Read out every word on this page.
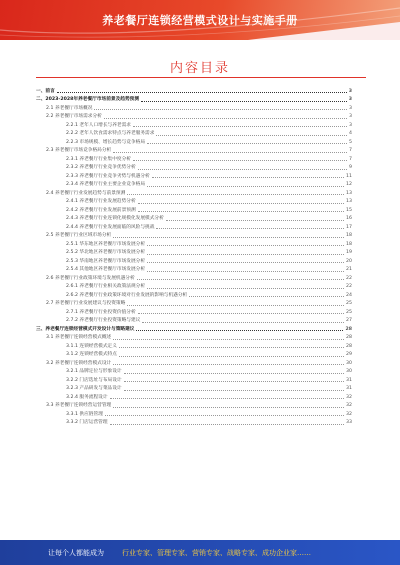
养老餐厅连锁经营模式设计与实施手册
内容目录
一、前言	3
二、2023-2028年养老餐厅市场前景及趋势预测	3
2.1 养老餐厅市场概况	3
2.2 养老餐厅市场需求分析	3
2.2.1 老年人口增长与养老需求	3
2.2.2 老年人饮食需求特点与养老服务需求	4
2.2.3 市场规模、增长趋势与竞争格局	5
2.3 养老餐厅市场竞争格局分析	7
2.3.1 养老餐厅行业集中度分析	7
2.3.2 养老餐厅行业竞争优势分析	9
2.3.3 养老餐厅行业竞争劣势与机遇分析	11
2.3.4 养老餐厅行业主要企业竞争格局	12
2.4 养老餐厅行业发展趋势与前景预测	13
2.4.1 养老餐厅行业发展趋势分析	13
2.4.2 养老餐厅行业发展前景预测	15
2.4.3 养老餐厅行业连锁化规模化发展模式分析	16
2.4.4 养老餐厅行业发展面临的风险与挑战	17
2.5 养老餐厅行业区域市场分析	18
2.5.1 华东地区养老餐厅市场发展分析	18
2.5.2 华北地区养老餐厅市场发展分析	19
2.5.3 华南地区养老餐厅市场发展分析	20
2.5.4 其他地区养老餐厅市场发展分析	21
2.6 养老餐厅行业政策环境与发展机遇分析	22
2.6.1 养老餐厅行业相关政策法规分析	22
2.6.2 养老餐厅行业政策环境对行业发展的影响与机遇分析	24
2.7 养老餐厅行业发展建议与投资策略	25
2.7.1 养老餐厅行业投资价值分析	25
2.7.2 养老餐厅行业投资策略与建议	27
三、养老餐厅连锁经营模式开发设计与策略建议	28
3.1 养老餐厅连锁经营模式概述	28
3.1.1 连锁经营模式定义	28
3.1.2 连锁经营模式特点	29
3.2 养老餐厅连锁经营模式设计	30
3.2.1 品牌定位与形象设计	30
3.2.2 门店选址与布局设计	31
3.2.3 产品研发与菜品设计	31
3.2.4 服务流程设计	32
3.3 养老餐厅连锁经营运营管理	32
3.3.1 供应链管理	32
3.3.2 门店运营管理	33
让每个人都能成为	行业专家、管理专家、营销专家、战略专家、成功企业家……
